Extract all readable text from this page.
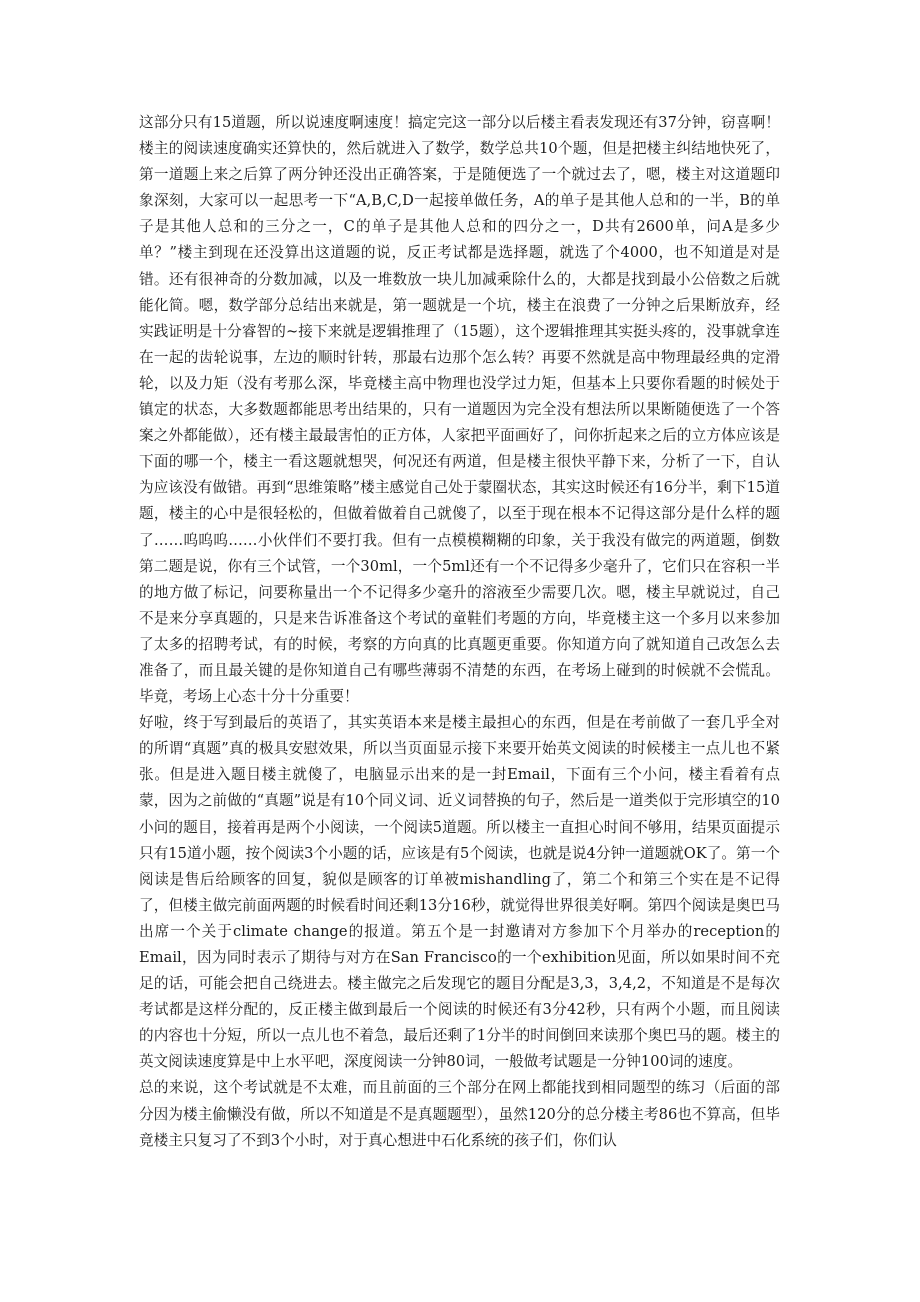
这部分只有15道题，所以说速度啊速度！搞定完这一部分以后楼主看表发现还有37分钟，窃喜啊！楼主的阅读速度确实还算快的，然后就进入了数学，数学总共10个题，但是把楼主纠结地快死了，第一道题上来之后算了两分钟还没出正确答案，于是随便选了一个就过去了，嗯，楼主对这道题印象深刻，大家可以一起思考一下“A,B,C,D一起接单做任务，A的单子是其他人总和的一半，B的单子是其他人总和的三分之一，C的单子是其他人总和的四分之一，D共有2600单，问A是多少单？”楼主到现在还没算出这道题的说，反正考试都是选择题，就选了个4000，也不知道是对是错。还有很神奇的分数加减，以及一堆数放一块儿加减乘除什么的，大都是找到最小公倍数之后就能化简。嗯，数学部分总结出来就是，第一题就是一个坑，楼主在浪费了一分钟之后果断放弃，经实践证明是十分睿智的~接下来就是逻辑推理了（15题），这个逻辑推理其实挺头疼的，没事就拿连在一起的齿轮说事，左边的顺时针转，那最右边那个怎么转？再要不然就是高中物理最经典的定滑轮，以及力矩（没有考那么深，毕竟楼主高中物理也没学过力矩，但基本上只要你看题的时候处于镇定的状态，大多数题都能思考出结果的，只有一道题因为完全没有想法所以果断随便选了一个答案之外都能做），还有楼主最最害怕的正方体，人家把平面画好了，问你折起来之后的立方体应该是下面的哪一个，楼主一看这题就想哭，何况还有两道，但是楼主很快平静下来，分析了一下，自认为应该没有做错。再到“思维策略”楼主感觉自己处于蒙圈状态，其实这时候还有16分半，剩下15道题，楼主的心中是很轻松的，但做着做着自己就傻了，以至于现在根本不记得这部分是什么样的题了……呜呜呜……小伙伴们不要打我。但有一点模模糊糊的印象，关于我没有做完的两道题，倒数第二题是说，你有三个试管，一个30ml，一个5ml还有一个不记得多少毫升了，它们只在容积一半的地方做了标记，问要称量出一个不记得多少毫升的溶液至少需要几次。嗯，楼主早就说过，自己不是来分享真题的，只是来告诉准备这个考试的童鞋们考题的方向，毕竟楼主这一个多月以来参加了太多的招聘考试，有的时候，考察的方向真的比真题更重要。你知道方向了就知道自己改怎么去准备了，而且最关键的是你知道自己有哪些薄弱不清楚的东西，在考场上碰到的时候就不会慌乱。毕竟，考场上心态十分十分重要！

好啦，终于写到最后的英语了，其实英语本来是楼主最担心的东西，但是在考前做了一套几乎全对的所谓“真题”真的极具安慰效果，所以当页面显示接下来要开始英文阅读的时候楼主一点儿也不紧张。但是进入题目楼主就傻了，电脑显示出来的是一封Email，下面有三个小问，楼主看着有点蒙，因为之前做的“真题”说是有10个同义词、近义词替换的句子，然后是一道类似于完形填空的10小问的题目，接着再是两个小阅读，一个阅读5道题。所以楼主一直担心时间不够用，结果页面提示只有15道小题，按个阅读3个小题的话，应该是有5个阅读，也就是说4分钟一道题就OK了。第一个阅读是售后给顾客的回复，貌似是顾客的订单被mishandling了，第二个和第三个实在是不记得了，但楼主做完前面两题的时候看时间还剩13分16秒，就觉得世界很美好啊。第四个阅读是奥巴马出席一个关于climate change的报道。第五个是一封邀请对方参加下个月举办的reception的Email，因为同时表示了期待与对方在San Francisco的一个exhibition见面，所以如果时间不充足的话，可能会把自己绕进去。楼主做完之后发现它的题目分配是3,3，3,4,2，不知道是不是每次考试都是这样分配的，反正楼主做到最后一个阅读的时候还有3分42秒，只有两个小题，而且阅读的内容也十分短，所以一点儿也不着急，最后还剩了1分半的时间倒回来读那个奥巴马的题。楼主的英文阅读速度算是中上水平吧，深度阅读一分钟80词，一般做考试题是一分钟100词的速度。

总的来说，这个考试就是不太难，而且前面的三个部分在网上都能找到相同题型的练习（后面的部分因为楼主偷懒没有做，所以不知道是不是真题题型），虽然120分的总分楼主考86也不算高，但毕竟楼主只复习了不到3个小时，对于真心想进中石化系统的孩子们，你们认
